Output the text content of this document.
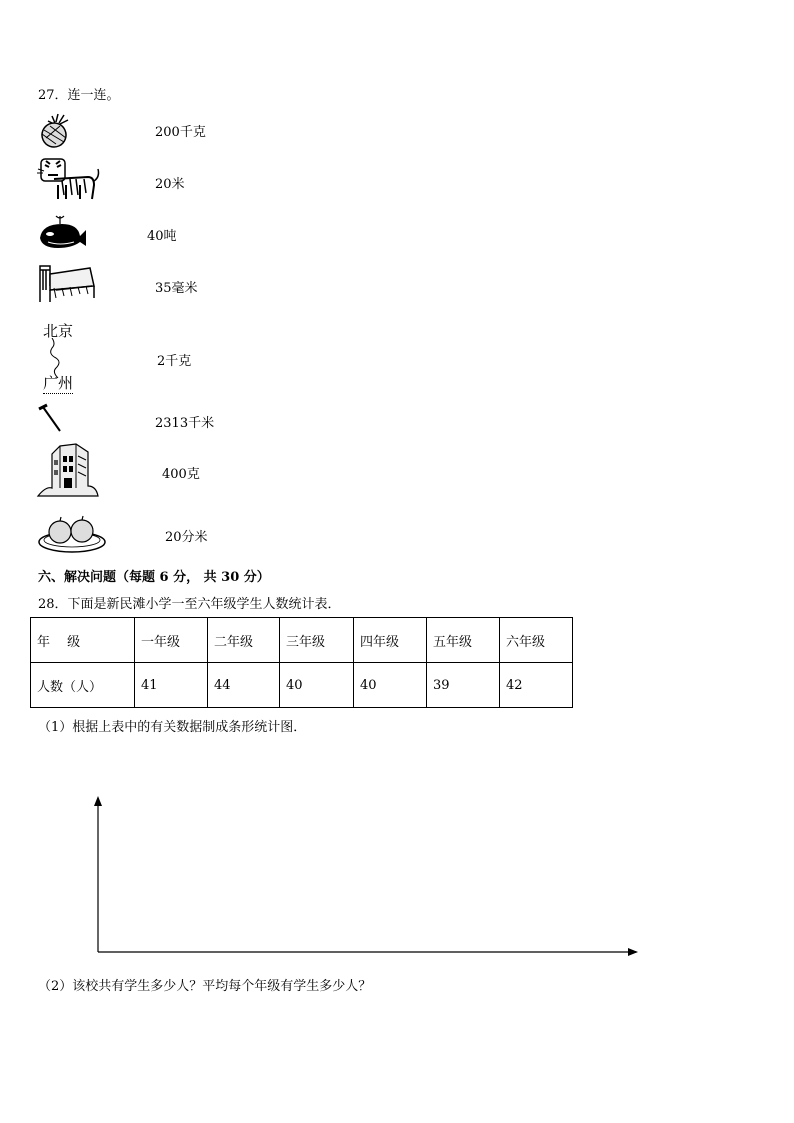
27．连一连。
200千克
20米
40吨
35毫米
北京
广州
2千克
2313千米
400克
20分米
六、解决问题（每题 6 分， 共 30 分）
28．下面是新民滩小学一至六年级学生人数统计表．
年　 级	一年级	二年级	三年级	四年级	五年级	六年级
人数（人）	41	44	40	40	39	42
（1）根据上表中的有关数据制成条形统计图．
（2）该校共有学生多少人？平均每个年级有学生多少人？
